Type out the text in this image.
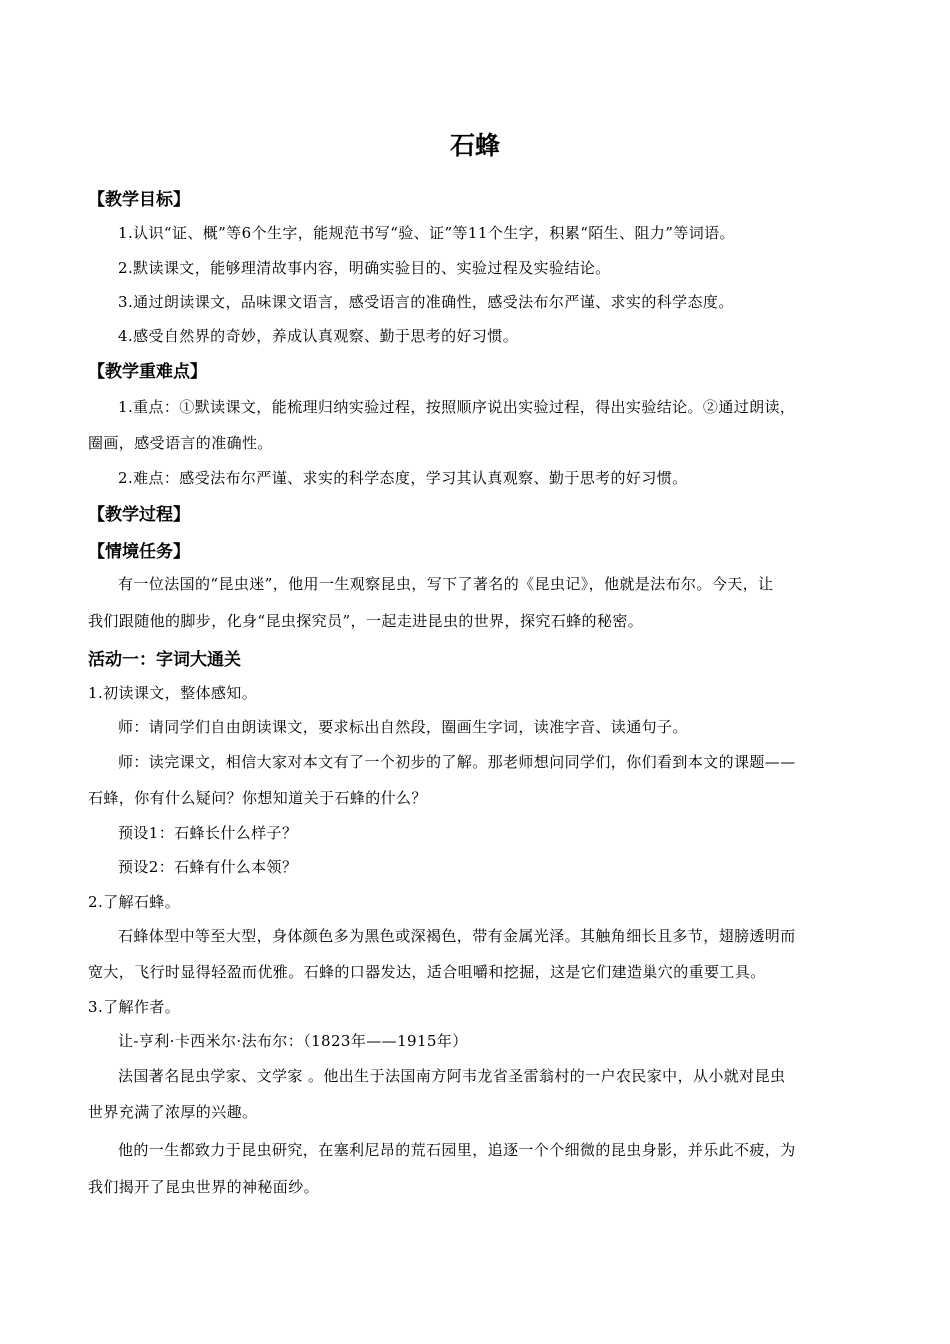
石蜂
【教学目标】
1.认识“证、概”等6个生字，能规范书写“验、证”等11个生字，积累“陌生、阻力”等词语。
2.默读课文，能够理清故事内容，明确实验目的、实验过程及实验结论。
3.通过朗读课文，品味课文语言，感受语言的准确性，感受法布尔严谨、求实的科学态度。
4.感受自然界的奇妙，养成认真观察、勤于思考的好习惯。
【教学重难点】
1.重点：①默读课文，能梳理归纳实验过程，按照顺序说出实验过程，得出实验结论。②通过朗读，
圈画，感受语言的准确性。
2.难点：感受法布尔严谨、求实的科学态度，学习其认真观察、勤于思考的好习惯。
【教学过程】
【情境任务】
有一位法国的“昆虫迷”，他用一生观察昆虫，写下了著名的《昆虫记》，他就是法布尔。今天，让
我们跟随他的脚步，化身“昆虫探究员”，一起走进昆虫的世界，探究石蜂的秘密。
活动一：字词大通关
1.初读课文，整体感知。
师：请同学们自由朗读课文，要求标出自然段，圈画生字词，读准字音、读通句子。
师：读完课文，相信大家对本文有了一个初步的了解。那老师想问同学们，你们看到本文的课题——
石蜂，你有什么疑问？你想知道关于石蜂的什么？
预设1：石蜂长什么样子？
预设2：石蜂有什么本领？
2.了解石蜂。
石蜂体型中等至大型，身体颜色多为黑色或深褐色，带有金属光泽。其触角细长且多节，翅膀透明而
宽大，飞行时显得轻盈而优雅。石蜂的口器发达，适合咀嚼和挖掘，这是它们建造巢穴的重要工具。
3.了解作者。
让-亨利·卡西米尔·法布尔：（1823年——1915年）
法国著名昆虫学家、文学家 。他出生于法国南方阿韦龙省圣雷翁村的一户农民家中，从小就对昆虫
世界充满了浓厚的兴趣。
他的一生都致力于昆虫研究，在塞利尼昂的荒石园里，追逐一个个细微的昆虫身影，并乐此不疲，为
我们揭开了昆虫世界的神秘面纱。
